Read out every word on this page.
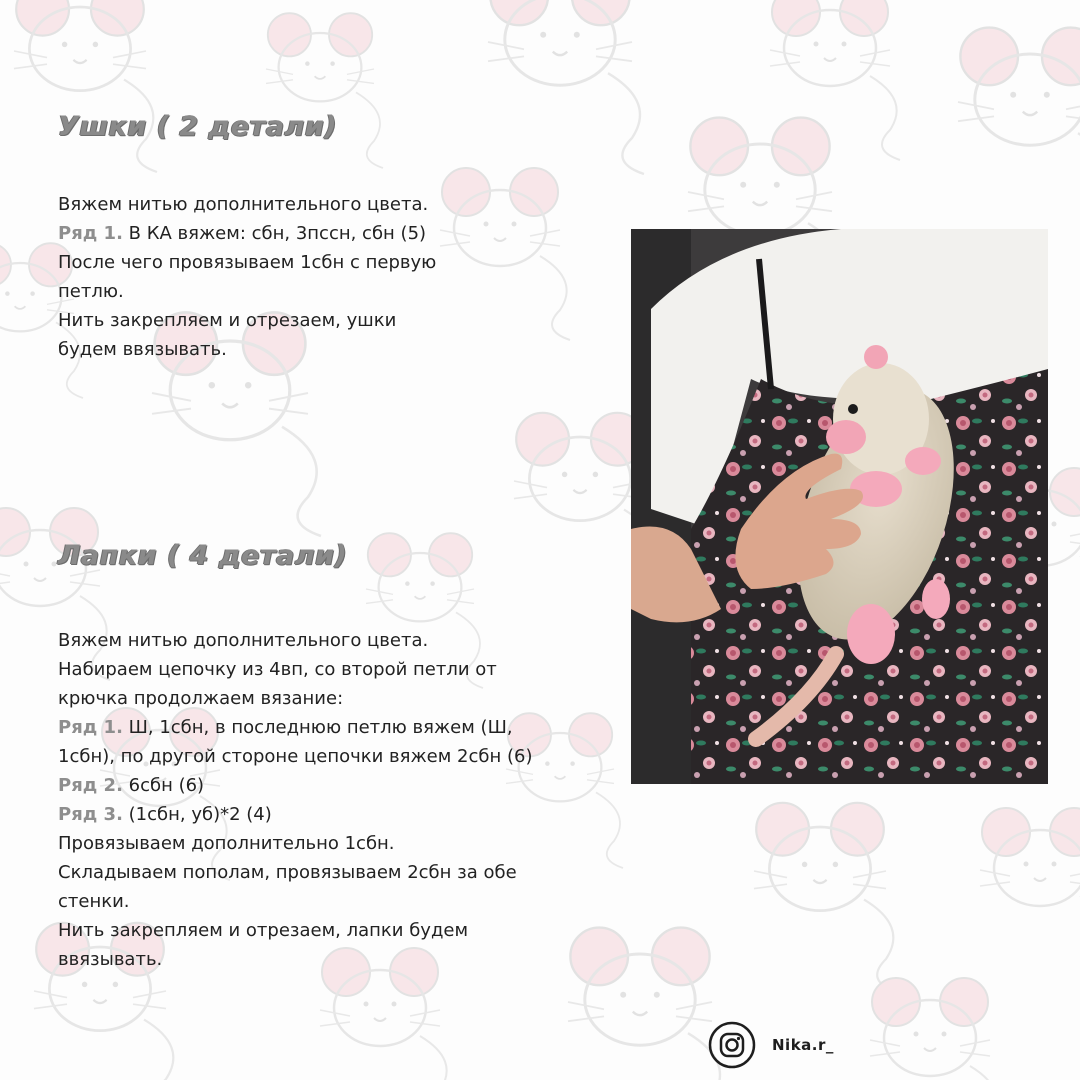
Ушки ( 2 детали)

Вяжем нитью дополнительного цвета.

Ряд 1. В КА вяжем: сбн, 3пссн, сбн (5)

После чего провязываем 1сбн с первую

петлю.

Нить закрепляем и отрезаем, ушки

будем ввязывать.

Лапки ( 4 детали)

Вяжем нитью дополнительного цвета.

Набираем цепочку из 4вп, со второй петли от

крючка продолжаем вязание:

Ряд 1. Ш, 1сбн, в последнюю петлю вяжем (Ш,

1сбн), по другой стороне цепочки вяжем 2сбн (6)

Ряд 2. 6сбн (6)

Ряд 3. (1сбн, уб)*2 (4)

Провязываем дополнительно 1сбн.

Складываем пополам, провязываем 2сбн за обе

стенки.

Нить закрепляем и отрезаем, лапки будем

ввязывать.

Nika.r_
